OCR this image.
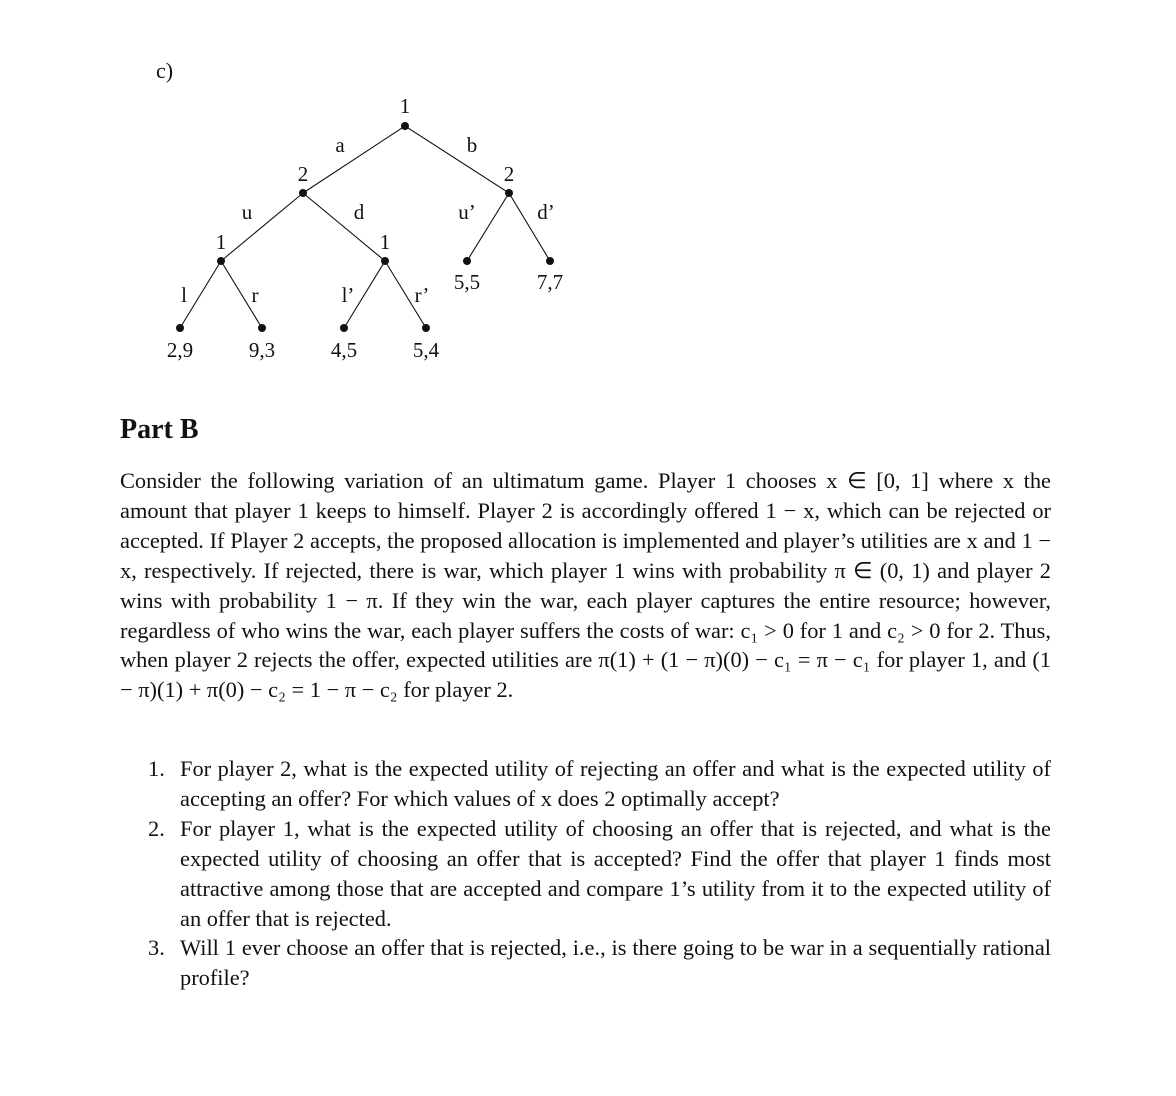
c)
1
2	2
1	1
a	b
u	d	u’	d’
l	r	l’	r’
5,5	7,7
2,9	9,3	4,5	5,4
Part B

Consider the following variation of an ultimatum game. Player 1 chooses x ∈ [0, 1] where x the amount that player 1 keeps to himself. Player 2 is accordingly offered 1 − x, which can be rejected or accepted. If Player 2 accepts, the proposed allocation is implemented and player’s utilities are x and 1 − x, respectively. If rejected, there is war, which player 1 wins with probability π ∈ (0, 1) and player 2 wins with probability 1 − π. If they win the war, each player captures the entire resource; however, regardless of who wins the war, each player suffers the costs of war: c₁ > 0 for 1 and c₂ > 0 for 2. Thus, when player 2 rejects the offer, expected utilities are π(1) + (1 − π)(0) − c₁ = π − c₁ for player 1, and (1 − π)(1) + π(0) − c₂ = 1 − π − c₂ for player 2.

1. For player 2, what is the expected utility of rejecting an offer and what is the expected utility of accepting an offer? For which values of x does 2 optimally accept?
2. For player 1, what is the expected utility of choosing an offer that is rejected, and what is the expected utility of choosing an offer that is accepted? Find the offer that player 1 finds most attractive among those that are accepted and compare 1’s utility from it to the expected utility of an offer that is rejected.
3. Will 1 ever choose an offer that is rejected, i.e., is there going to be war in a sequentially rational profile?
